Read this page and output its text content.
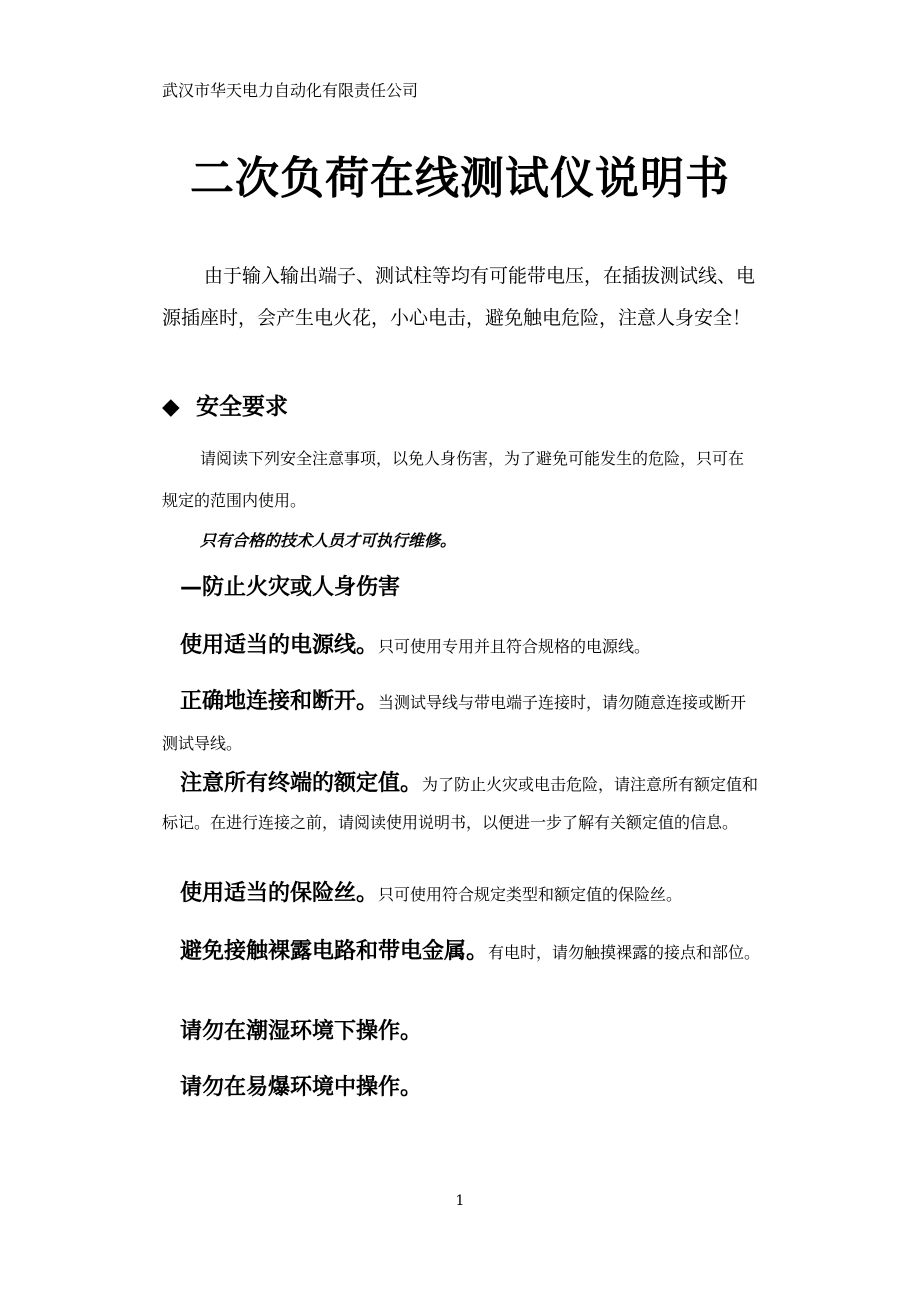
武汉市华天电力自动化有限责任公司
二次负荷在线测试仪说明书

由于输入输出端子、测试柱等均有可能带电压，在插拔测试线、电源插座时，会产生电火花，小心电击，避免触电危险，注意人身安全！

◆ 安全要求

请阅读下列安全注意事项，以免人身伤害，为了避免可能发生的危险，只可在规定的范围内使用。

只有合格的技术人员才可执行维修。
—防止火灾或人身伤害

使用适当的电源线。只可使用专用并且符合规格的电源线。

正确地连接和断开。当测试导线与带电端子连接时，请勿随意连接或断开测试导线。

注意所有终端的额定值。为了防止火灾或电击危险，请注意所有额定值和标记。在进行连接之前，请阅读使用说明书，以便进一步了解有关额定值的信息。

使用适当的保险丝。只可使用符合规定类型和额定值的保险丝。

避免接触裸露电路和带电金属。有电时，请勿触摸裸露的接点和部位。

请勿在潮湿环境下操作。

请勿在易爆环境中操作。

1
